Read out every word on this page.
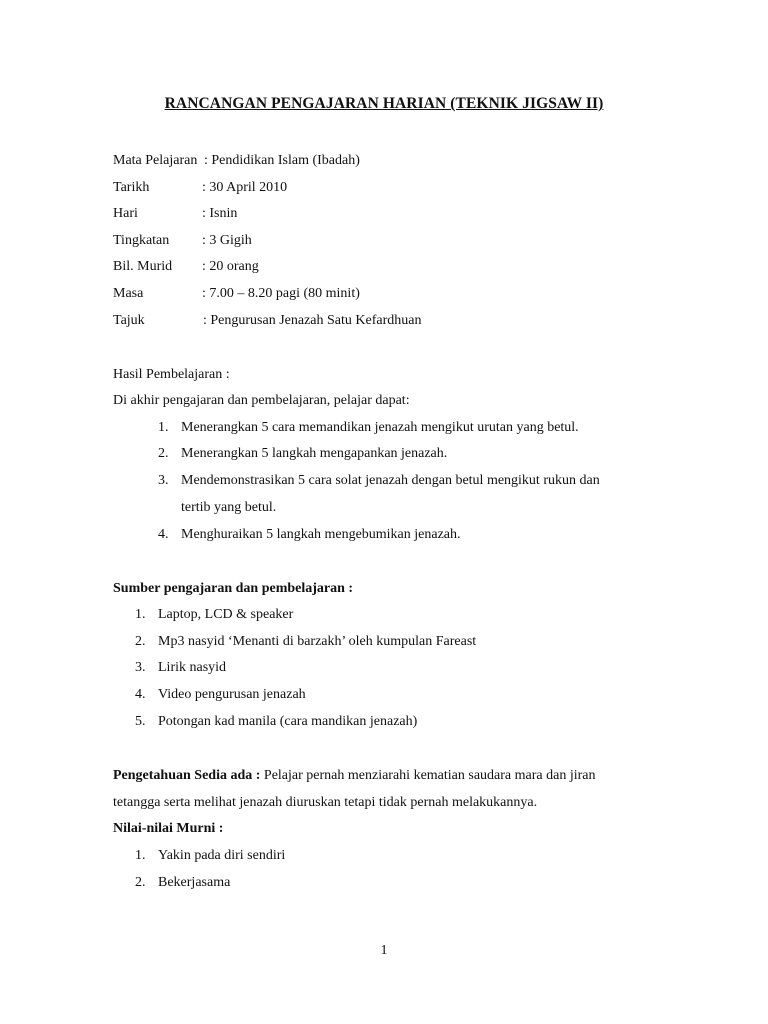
RANCANGAN PENGAJARAN HARIAN (TEKNIK JIGSAW II)
Mata Pelajaran : Pendidikan Islam (Ibadah)
Tarikh	: 30 April 2010
Hari	: Isnin
Tingkatan : 3 Gigih
Bil. Murid : 20 orang
Masa	: 7.00 – 8.20 pagi (80 minit)
Tajuk	: Pengurusan Jenazah Satu Kefardhuan
Hasil Pembelajaran :
Di akhir pengajaran dan pembelajaran, pelajar dapat:
1. Menerangkan 5 cara memandikan jenazah mengikut urutan yang betul.
2. Menerangkan 5 langkah mengapankan jenazah.
3. Mendemonstrasikan 5 cara solat jenazah dengan betul mengikut rukun dan
tertib yang betul.
4. Menghuraikan 5 langkah mengebumikan jenazah.
Sumber pengajaran dan pembelajaran :
1. Laptop, LCD & speaker
2. Mp3 nasyid ‘Menanti di barzakh’ oleh kumpulan Fareast
3. Lirik nasyid
4. Video pengurusan jenazah
5. Potongan kad manila (cara mandikan jenazah)
Pengetahuan Sedia ada : Pelajar pernah menziarahi kematian saudara mara dan jiran
tetangga serta melihat jenazah diuruskan tetapi tidak pernah melakukannya.
Nilai-nilai Murni :
1. Yakin pada diri sendiri
2. Bekerjasama
1
